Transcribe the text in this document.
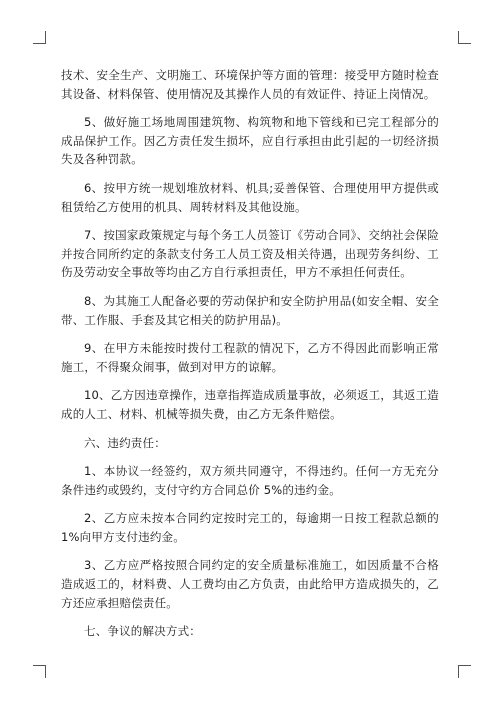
技术、安全生产、文明施工、环境保护等方面的管理：接受甲方随时检查其设备、材料保管、使用情况及其操作人员的有效证件、持证上岗情况。

5、做好施工场地周围建筑物、构筑物和地下管线和已完工程部分的成品保护工作。因乙方责任发生损坏，应自行承担由此引起的一切经济损失及各种罚款。

6、按甲方统一规划堆放材料、机具;妥善保管、合理使用甲方提供或租赁给乙方使用的机具、周转材料及其他设施。

7、按国家政策规定与每个务工人员签订《劳动合同》、交纳社会保险并按合同所约定的条款支付务工人员工资及相关待遇，出现劳务纠纷、工伤及劳动安全事故等均由乙方自行承担责任，甲方不承担任何责任。

8、为其施工人配备必要的劳动保护和安全防护用品(如安全帽、安全带、工作服、手套及其它相关的防护用品)。

9、在甲方未能按时拨付工程款的情况下，乙方不得因此而影响正常施工，不得聚众闹事，做到对甲方的谅解。

10、乙方因违章操作，违章指挥造成质量事故，必须返工，其返工造成的人工、材料、机械等损失费，由乙方无条件赔偿。

六、违约责任：

1、本协议一经签约，双方须共同遵守，不得违约。任何一方无充分条件违约或毁约，支付守约方合同总价 5%的违约金。

2、乙方应未按本合同约定按时完工的，每逾期一日按工程款总额的 1%向甲方支付违约金。

3、乙方应严格按照合同约定的安全质量标准施工，如因质量不合格造成返工的，材料费、人工费均由乙方负责，由此给甲方造成损失的，乙方还应承担赔偿责任。

七、争议的解决方式：
